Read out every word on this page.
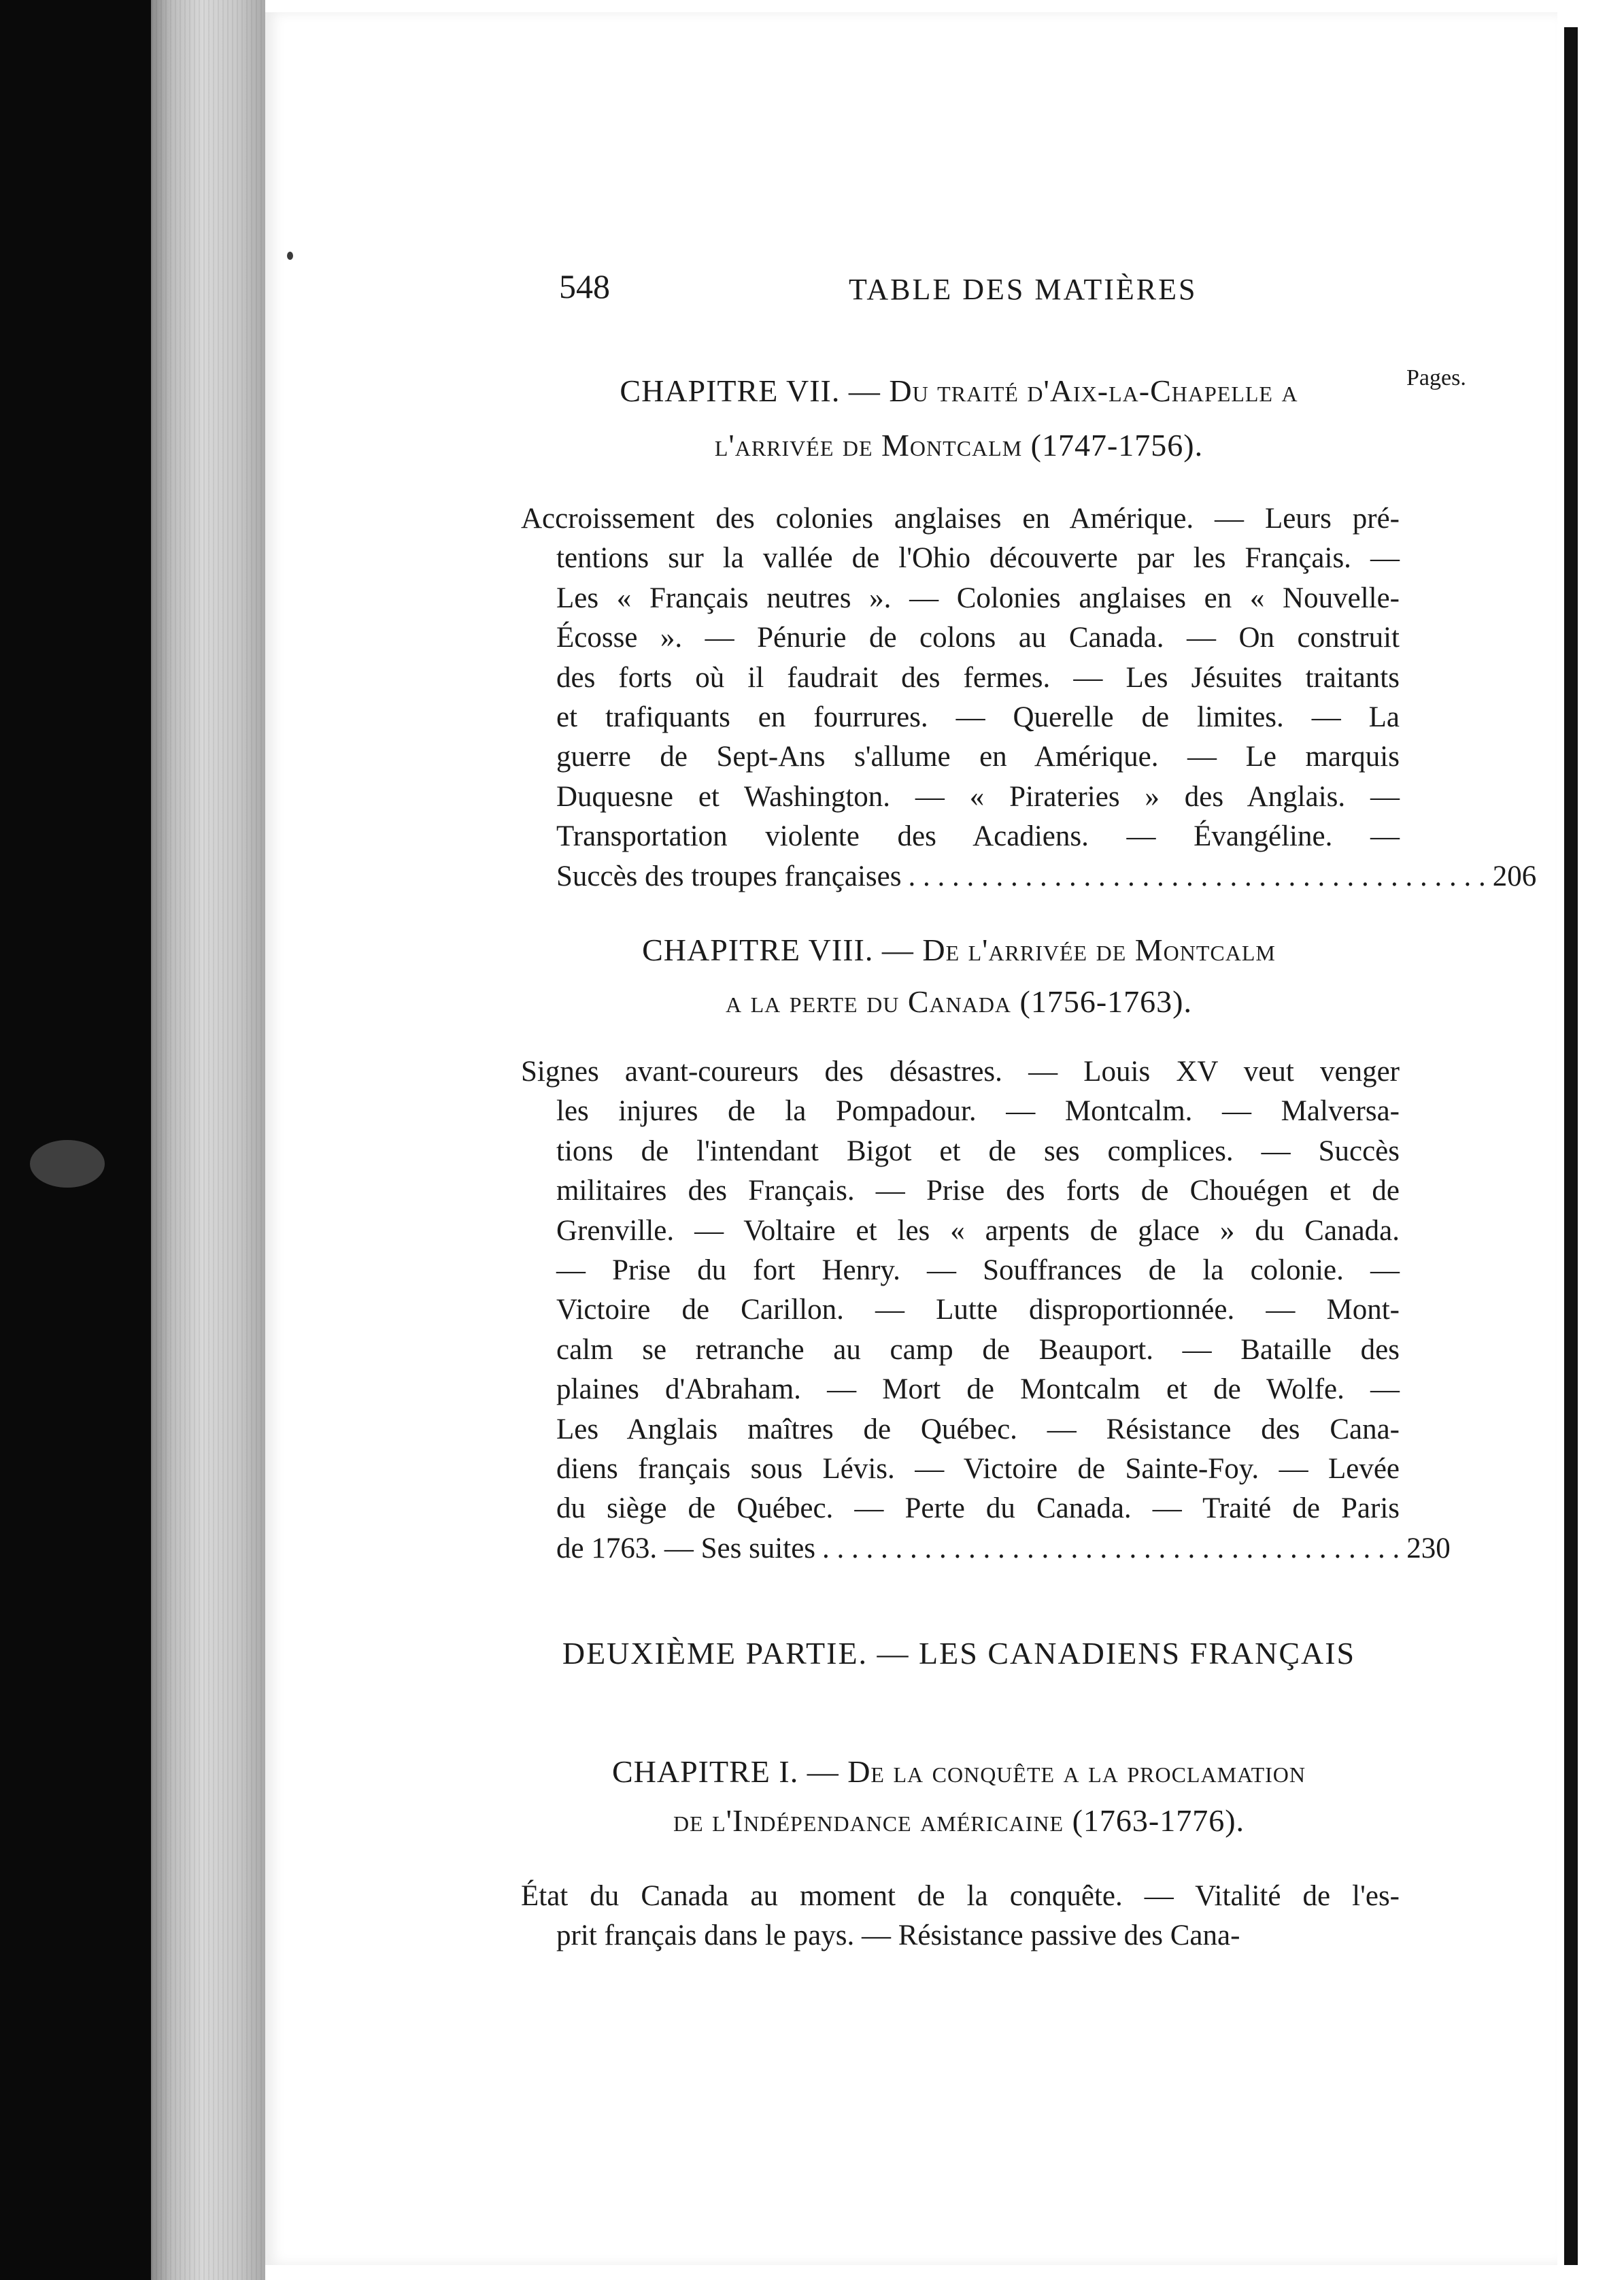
548	TABLE DES MATIÈRES
Pages.
CHAPITRE VII. — Du traité d'Aix-la-Chapelle a
l'arrivée de Montcalm (1747-1756).
Accroissement des colonies anglaises en Amérique. — Leurs pré-
tentions sur la vallée de l'Ohio découverte par les Français. —
Les « Français neutres ». — Colonies anglaises en « Nouvelle-
Écosse ». — Pénurie de colons au Canada. — On construit
des forts où il faudrait des fermes. — Les Jésuites traitants
et trafiquants en fourrures. — Querelle de limites. — La
guerre de Sept-Ans s'allume en Amérique. — Le marquis
Duquesne et Washington. — « Pirateries » des Anglais. —
Transportation violente des Acadiens. — Évangéline. —
Succès des troupes françaises . . . . . . . . . . . . . . . . . . . . . . . . . . . . . . . . . . . . . . . . 206
CHAPITRE VIII. — De l'arrivée de Montcalm
a la perte du Canada (1756-1763).
Signes avant-coureurs des désastres. — Louis XV veut venger
les injures de la Pompadour. — Montcalm. — Malversa-
tions de l'intendant Bigot et de ses complices. — Succès
militaires des Français. — Prise des forts de Chouégen et de
Grenville. — Voltaire et les « arpents de glace » du Canada.
— Prise du fort Henry. — Souffrances de la colonie. —
Victoire de Carillon. — Lutte disproportionnée. — Mont-
calm se retranche au camp de Beauport. — Bataille des
plaines d'Abraham. — Mort de Montcalm et de Wolfe. —
Les Anglais maîtres de Québec. — Résistance des Cana-
diens français sous Lévis. — Victoire de Sainte-Foy. — Levée
du siège de Québec. — Perte du Canada. — Traité de Paris
de 1763. — Ses suites . . . . . . . . . . . . . . . . . . . . . . . . . . . . . . . . . . . . . . . . 230
DEUXIÈME PARTIE. — LES CANADIENS FRANÇAIS
CHAPITRE I. — De la conquête a la proclamation
de l'Indépendance américaine (1763-1776).
État du Canada au moment de la conquête. — Vitalité de l'es-
prit français dans le pays. — Résistance passive des Cana-
